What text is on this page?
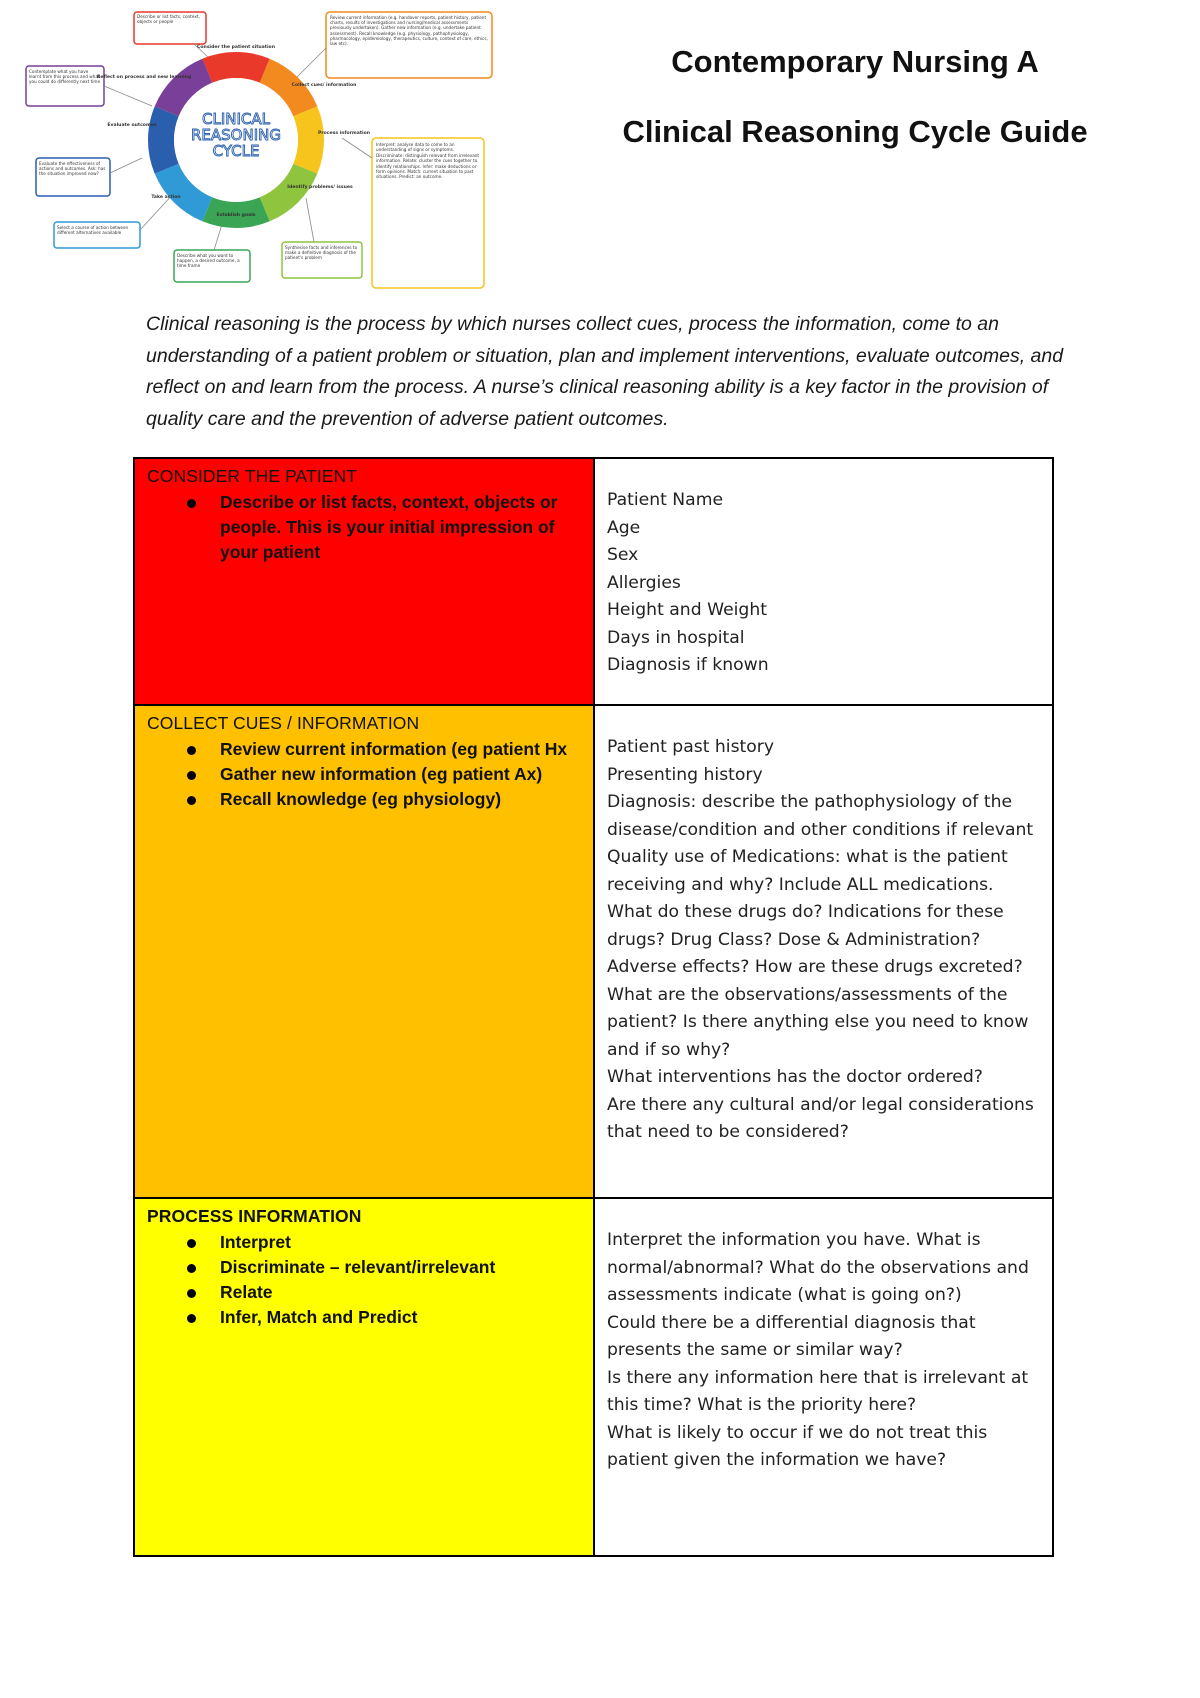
Describe or list facts, context, objects or people
Review current information (e.g. handover reports, patient history, patient charts, results of investigations and nursing/medical assessments previously undertaken). Gather new information (e.g. undertake patient assessment). Recall knowledge (e.g. physiology, pathophysiology, pharmacology, epidemiology, therapeutics, culture, context of care, ethics, law etc).
Interpret: analyse data to come to an understanding of signs or symptoms. Discriminate: distinguish relevant from irrelevant information. Relate: cluster the cues together to identify relationships. Infer: make deductions or form opinions. Match: current situation to past situations. Predict: an outcome.
Synthesise facts and inferences to make a definitive diagnosis of the patient's problem
Describe what you want to happen, a desired outcome, a time frame
Select a course of action between different alternatives available
Evaluate the effectiveness of actions and outcomes. Ask: has the situation improved now?
Contemplate what you have learnt from this process and what you could do differently next time
CLINICAL
REASONING
CYCLE
Consider the patient situation
Collect cues/ information
Process information
Identify problems/ issues
Establish goals
Take action
Evaluate outcomes
Reflect on process and new learning	Contemporary Nursing A
Clinical Reasoning Cycle Guide
Clinical reasoning is the process by which nurses collect cues, process the information, come to an understanding of a patient problem or situation, plan and implement interventions, evaluate outcomes, and reflect on and learn from the process. A nurse’s clinical reasoning ability is a key factor in the provision of quality care and the prevention of adverse patient outcomes.
CONSIDER THE PATIENT
Describe or list facts, context, objects or people. This is your initial impression of your patient
Patient Name
Age
Sex
Allergies
Height and Weight
Days in hospital
Diagnosis if known
COLLECT CUES / INFORMATION
Review current information (eg patient Hx
Gather new information (eg patient Ax)
Recall knowledge (eg physiology)
Patient past history
Presenting history
Diagnosis: describe the pathophysiology of the disease/condition and other conditions if relevant
Quality use of Medications: what is the patient receiving and why? Include ALL medications. What do these drugs do? Indications for these drugs? Drug Class? Dose & Administration? Adverse effects? How are these drugs excreted?
What are the observations/assessments of the patient? Is there anything else you need to know and if so why?
What interventions has the doctor ordered?
Are there any cultural and/or legal considerations that need to be considered?
PROCESS INFORMATION
Interpret
Discriminate – relevant/irrelevant
Relate
Infer, Match and Predict
Interpret the information you have. What is normal/abnormal? What do the observations and assessments indicate (what is going on?)
Could there be a differential diagnosis that presents the same or similar way?
Is there any information here that is irrelevant at this time? What is the priority here?
What is likely to occur if we do not treat this patient given the information we have?
